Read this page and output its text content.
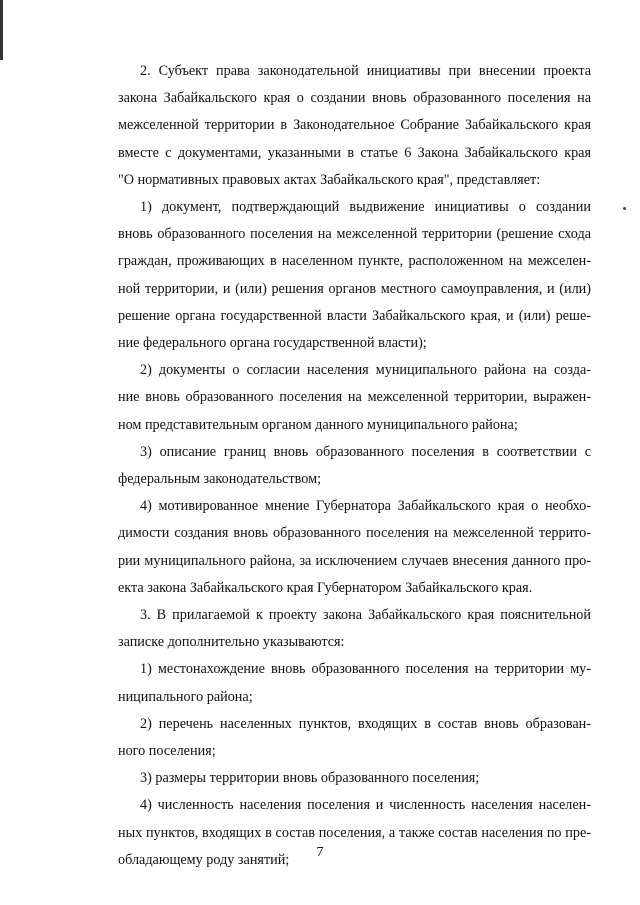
2. Субъект права законодательной инициативы при внесении проекта
закона Забайкальского края о создании вновь образованного поселения на
межселенной территории в Законодательное Собрание Забайкальского края
вместе с документами, указанными в статье 6 Закона Забайкальского края
"О нормативных правовых актах Забайкальского края", представляет:

1) документ, подтверждающий выдвижение инициативы о создании
вновь образованного поселения на межселенной территории (решение схода
граждан, проживающих в населенном пункте, расположенном на межселен-
ной территории, и (или) решения органов местного самоуправления, и (или)
решение органа государственной власти Забайкальского края, и (или) реше-
ние федерального органа государственной власти);

2) документы о согласии населения муниципального района на созда-
ние вновь образованного поселения на межселенной территории, выражен-
ном представительным органом данного муниципального района;

3) описание границ вновь образованного поселения в соответствии с
федеральным законодательством;

4) мотивированное мнение Губернатора Забайкальского края о необхо-
димости создания вновь образованного поселения на межселенной террито-
рии муниципального района, за исключением случаев внесения данного про-
екта закона Забайкальского края Губернатором Забайкальского края.

3. В прилагаемой к проекту закона Забайкальского края пояснительной
записке дополнительно указываются:

1) местонахождение вновь образованного поселения на территории му-
ниципального района;

2) перечень населенных пунктов, входящих в состав вновь образован-
ного поселения;

3) размеры территории вновь образованного поселения;

4) численность населения поселения и численность населения населен-
ных пунктов, входящих в состав поселения, а также состав населения по пре-
обладающему роду занятий;	7
